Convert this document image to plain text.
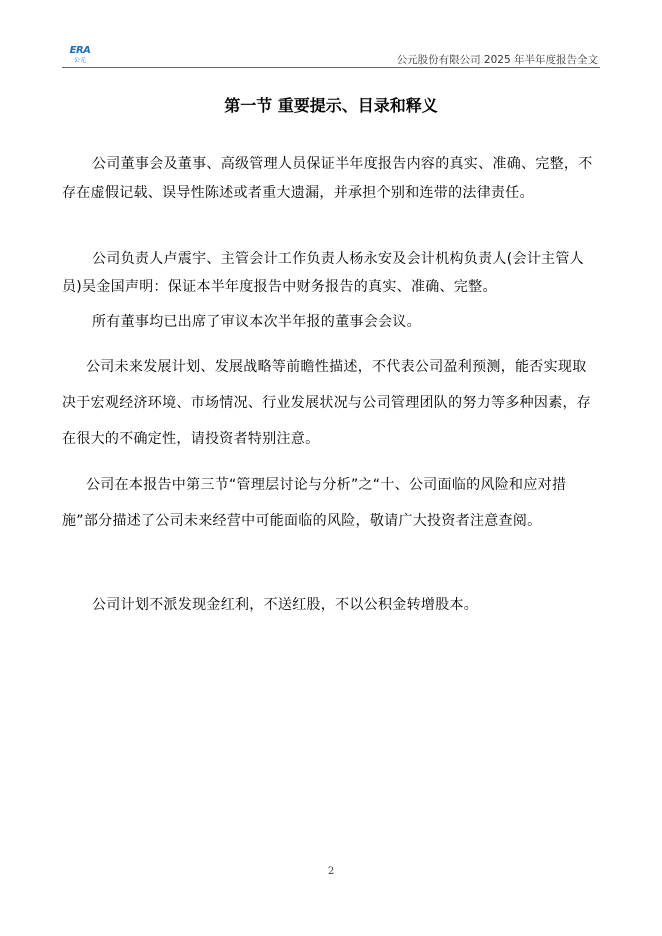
ERA
公元	公元股份有限公司 2025 年半年度报告全文
第一节 重要提示、目录和释义

公司董事会及董事、高级管理人员保证半年度报告内容的真实、准确、完整，不存在虚假记载、误导性陈述或者重大遗漏，并承担个别和连带的法律责任。

公司负责人卢震宇、主管会计工作负责人杨永安及会计机构负责人(会计主管人员)吴金国声明：保证本半年度报告中财务报告的真实、准确、完整。

所有董事均已出席了审议本次半年报的董事会会议。

公司未来发展计划、发展战略等前瞻性描述，不代表公司盈利预测，能否实现取决于宏观经济环境、市场情况、行业发展状况与公司管理团队的努力等多种因素，存在很大的不确定性，请投资者特别注意。

公司在本报告中第三节“管理层讨论与分析”之“十、公司面临的风险和应对措施”部分描述了公司未来经营中可能面临的风险，敬请广大投资者注意查阅。

公司计划不派发现金红利，不送红股，不以公积金转增股本。

2
